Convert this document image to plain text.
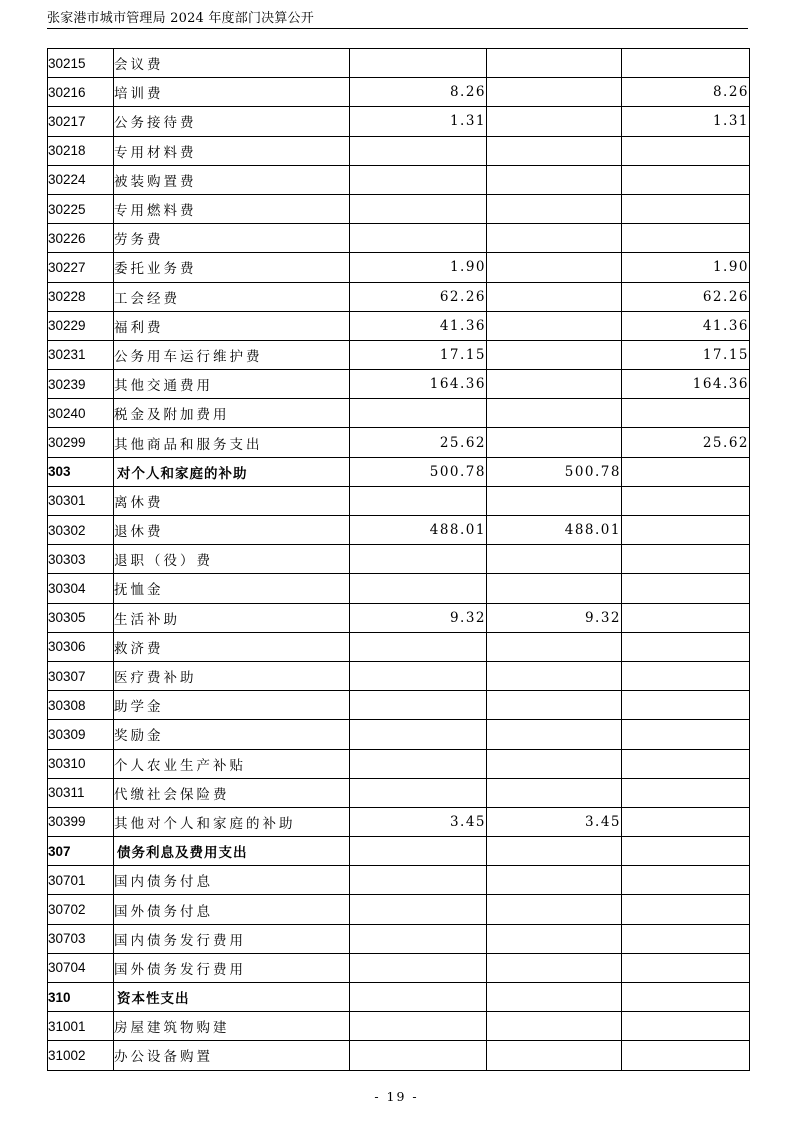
张家港市城市管理局 2024 年度部门决算公开
30215	会议费			
30216	培训费	8.26		8.26
30217	公务接待费	1.31		1.31
30218	专用材料费			
30224	被装购置费			
30225	专用燃料费			
30226	劳务费			
30227	委托业务费	1.90		1.90
30228	工会经费	62.26		62.26
30229	福利费	41.36		41.36
30231	公务用车运行维护费	17.15		17.15
30239	其他交通费用	164.36		164.36
30240	税金及附加费用			
30299	其他商品和服务支出	25.62		25.62
303	对个人和家庭的补助	500.78	500.78	
30301	离休费			
30302	退休费	488.01	488.01	
30303	退职（役）费			
30304	抚恤金			
30305	生活补助	9.32	9.32	
30306	救济费			
30307	医疗费补助			
30308	助学金			
30309	奖励金			
30310	个人农业生产补贴			
30311	代缴社会保险费			
30399	其他对个人和家庭的补助	3.45	3.45	
307	债务利息及费用支出			
30701	国内债务付息			
30702	国外债务付息			
30703	国内债务发行费用			
30704	国外债务发行费用			
310	资本性支出			
31001	房屋建筑物购建			
31002	办公设备购置			
- 19 -
